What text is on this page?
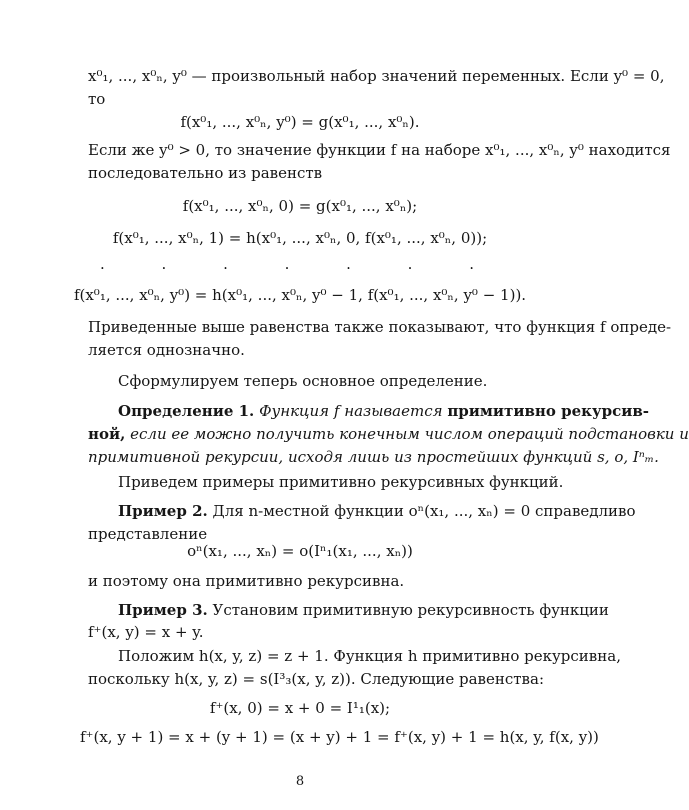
x⁰₁, ..., x⁰ₙ, y⁰ — произвольный набор значений переменных. Если y⁰ = 0,
то
f(x⁰₁, ..., x⁰ₙ, y⁰) = g(x⁰₁, ..., x⁰ₙ).
Если же y⁰ > 0, то значение функции f на наборе x⁰₁, ..., x⁰ₙ, y⁰ находится
последовательно из равенств
f(x⁰₁, ..., x⁰ₙ, 0) = g(x⁰₁, ..., x⁰ₙ);
f(x⁰₁, ..., x⁰ₙ, 1) = h(x⁰₁, ..., x⁰ₙ, 0, f(x⁰₁, ..., x⁰ₙ, 0));
. . . . . . .
f(x⁰₁, ..., x⁰ₙ, y⁰) = h(x⁰₁, ..., x⁰ₙ, y⁰ − 1, f(x⁰₁, ..., x⁰ₙ, y⁰ − 1)).
Приведенные выше равенства также показывают, что функция f опреде-
ляется однозначно.
Сформулируем теперь основное определение.
Определение 1. Функция f называется примитивно рекурсив-
ной, если ее можно получить конечным числом операций подстановки и
примитивной рекурсии, исходя лишь из простейших функций s, o, Iⁿₘ.
Приведем примеры примитивно рекурсивных функций.
Пример 2. Для n-местной функции oⁿ(x₁, ..., xₙ) = 0 справедливо
представление
oⁿ(x₁, ..., xₙ) = o(Iⁿ₁(x₁, ..., xₙ))
и поэтому она примитивно рекурсивна.
Пример 3. Установим примитивную рекурсивность функции
f⁺(x, y) = x + y.
Положим h(x, y, z) = z + 1. Функция h примитивно рекурсивна,
поскольку h(x, y, z) = s(I³₃(x, y, z)). Следующие равенства:
f⁺(x, 0) = x + 0 = I¹₁(x);
f⁺(x, y + 1) = x + (y + 1) = (x + y) + 1 = f⁺(x, y) + 1 = h(x, y, f(x, y))
8
